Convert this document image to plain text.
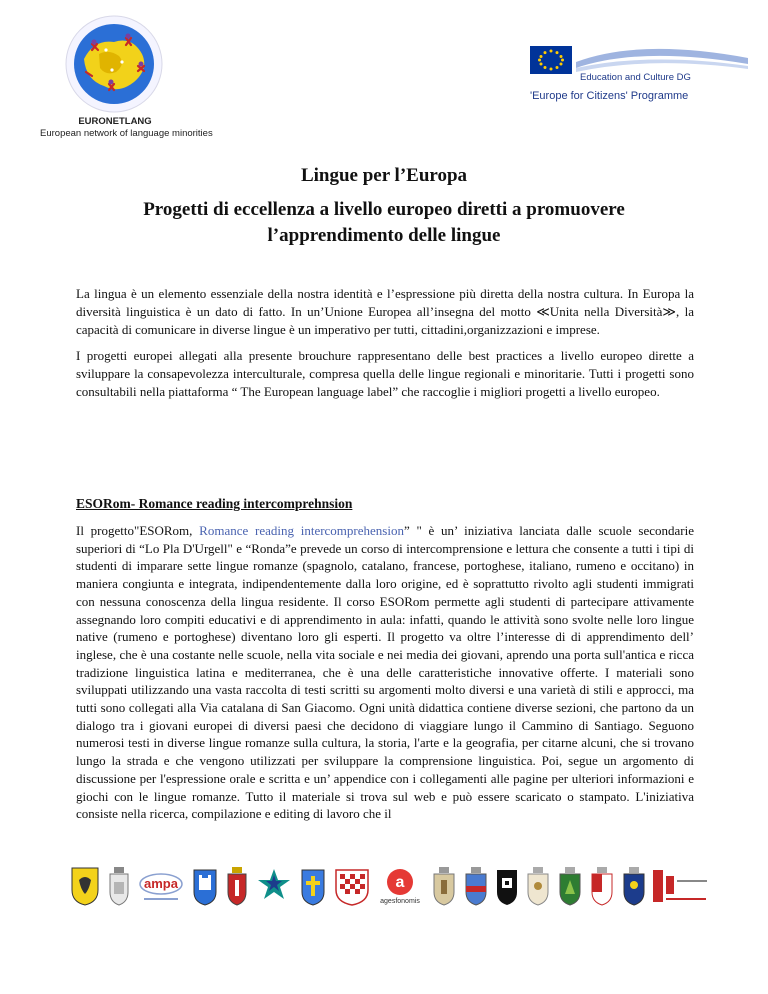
EURONETLANG
European network of language minorities
Education and Culture DG
'Europe for Citizens' Programme
Lingue per l’Europa
Progetti di eccellenza a livello europeo diretti a promuovere l’apprendimento delle lingue

La lingua è un elemento essenziale della nostra identità e l’espressione più diretta della nostra cultura. In Europa la diversità linguistica è un dato di fatto. In un’Unione Europea all’insegna del motto ≪Unita nella Diversità≫, la capacità di comunicare in diverse lingue è un imperativo per tutti, cittadini,organizzazioni e imprese.

I progetti europei allegati alla presente brouchure rappresentano delle best practices a livello europeo dirette a sviluppare la consapevolezza interculturale, compresa quella delle lingue regionali e minoritarie. Tutti i progetti sono consultabili nella piattaforma “ The European language label” che raccoglie i migliori progetti a livello europeo.

ESORom- Romance reading intercomprehnsion

Il progetto"ESORom, Romance reading intercomprehension” " è un’ iniziativa lanciata dalle scuole secondarie superiori di “Lo Pla D'Urgell" e “Ronda”e prevede un corso di intercomprensione e lettura che consente a tutti i tipi di studenti di imparare sette lingue romanze (spagnolo, catalano, francese, portoghese, italiano, rumeno e occitano) in maniera congiunta e integrata, indipendentemente dalla loro origine, ed è soprattutto rivolto agli studenti immigrati con nessuna conoscenza della lingua residente. Il corso ESORom permette agli studenti di partecipare attivamente assegnando loro compiti educativi e di apprendimento in aula: infatti, quando le attività sono svolte nelle loro lingue native (rumeno e portoghese) diventano loro gli esperti. Il progetto va oltre l’interesse di di apprendimento dell’ inglese, che è una costante nelle scuole, nella vita sociale e nei media dei giovani, aprendo una porta sull'antica e ricca tradizione linguistica latina e mediterranea, che è una delle caratteristiche innovative offerte. I materiali sono sviluppati utilizzando una vasta raccolta di testi scritti su argomenti molto diversi e una varietà di stili e approcci, ma tutti sono collegati alla Via catalana di San Giacomo. Ogni unità didattica contiene diverse sezioni, che partono da un dialogo tra i giovani europei di diversi paesi che decidono di viaggiare lungo il Cammino di Santiago. Seguono numerosi testi in diverse lingue romanze sulla cultura, la storia, l'arte e la geografia, per citarne alcuni, che si trovano lungo la strada e che vengono utilizzati per sviluppare la comprensione linguistica. Poi, segue un argomento di discussione per l'espressione orale e scritta e un’ appendice con i collegamenti alle pagine per ulteriori informazioni e giochi con le lingue romanze. Tutto il materiale si trova sul web e può essere scaricato o stampato. L'iniziativa consiste nella ricerca, compilazione e editing di lavoro che il

ampa	a
agesfonomis
